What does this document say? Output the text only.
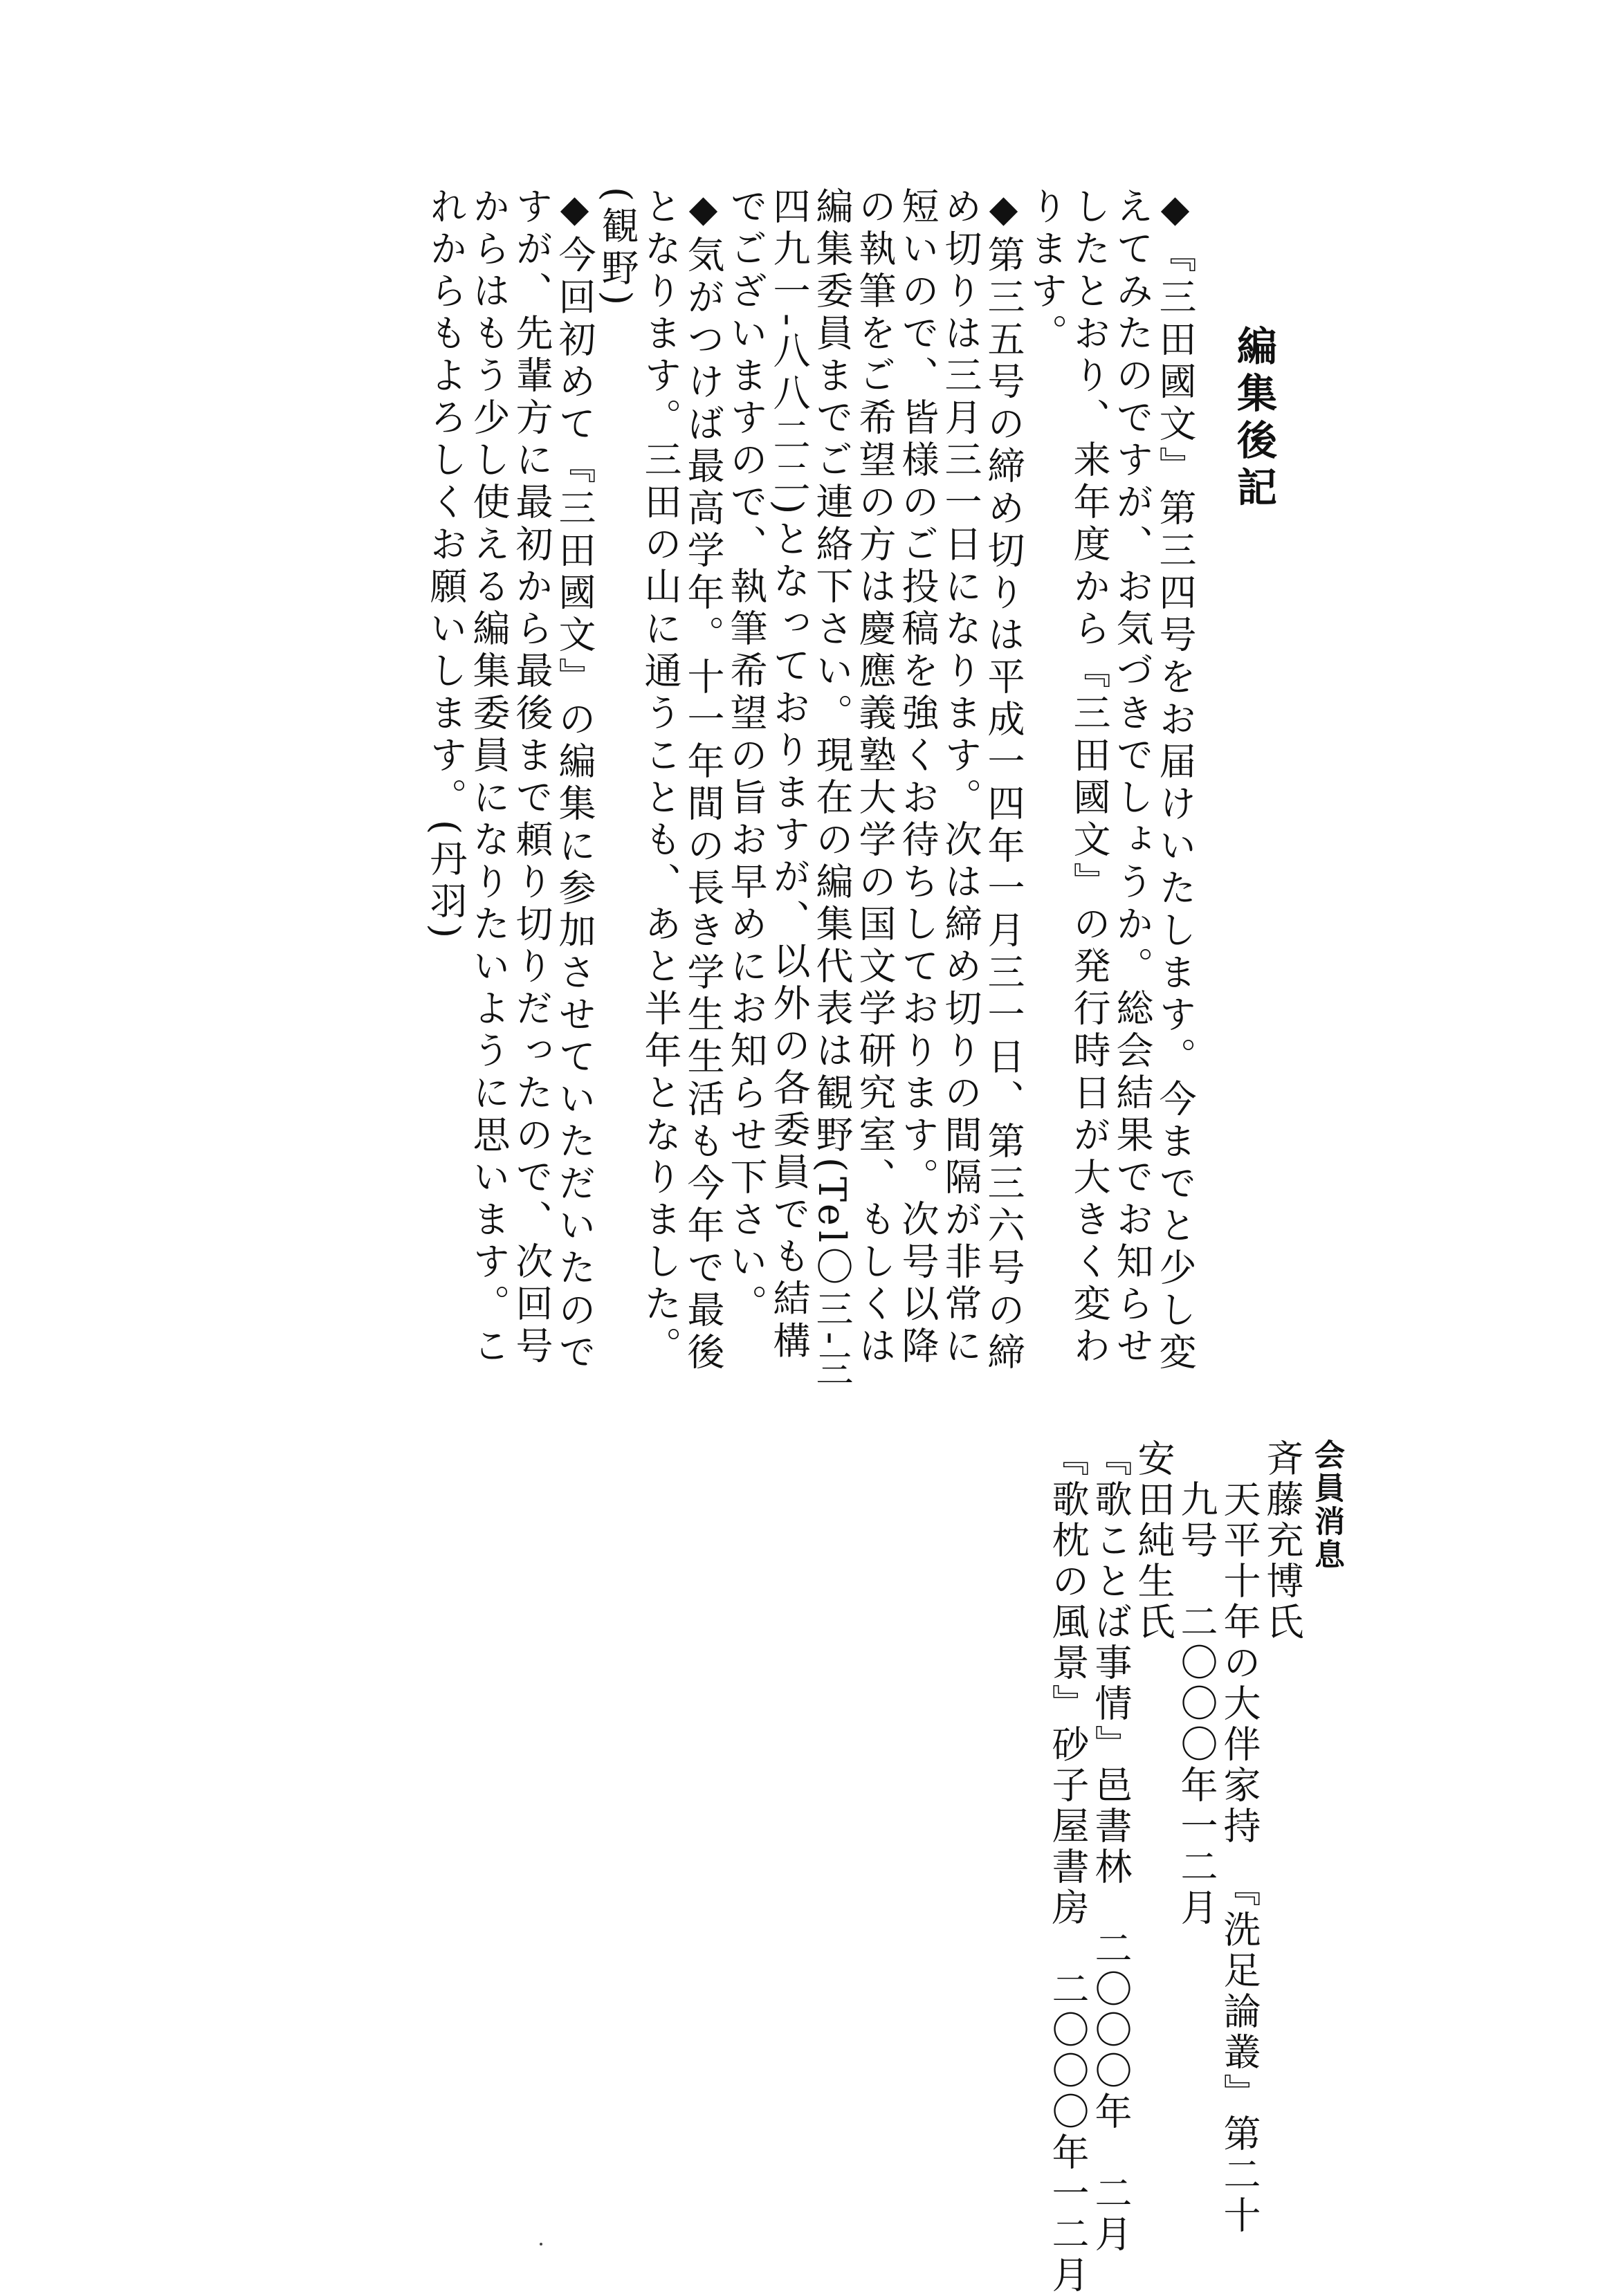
編集後記

◆『三田國文』第三四号をお届けいたします。今までと少し変

えてみたのですが、お気づきでしょうか。総会結果でお知らせ

したとおり、来年度から『三田國文』の発行時日が大きく変わ

ります。

◆第三五号の締め切りは平成一四年一月三一日、第三六号の締

め切りは三月三一日になります。次は締め切りの間隔が非常に

短いので、皆様のご投稿を強くお待ちしております。次号以降

の執筆をご希望の方は慶應義塾大学の国文学研究室、もしくは

編集委員までご連絡下さい。現在の編集代表は観野(Tel〇三-三

四九一-八八二二)となっておりますが、以外の各委員でも結構

でございますので、執筆希望の旨お早めにお知らせ下さい。

◆気がつけば最高学年。十一年間の長き学生生活も今年で最後

となります。三田の山に通うことも、あと半年となりました。

(観野)

◆今回初めて『三田國文』の編集に参加させていただいたので

すが、先輩方に最初から最後まで頼り切りだったので、次回号

からはもう少し使える編集委員になりたいように思います。こ

れからもよろしくお願いします。(丹羽)

会員消息

斉藤充博氏

　天平十年の大伴家持　『洗足論叢』第二十

　九号　二〇〇〇年一二月

安田純生氏

『歌ことば事情』邑書林　二〇〇〇年　二月

『歌枕の風景』砂子屋書房　二〇〇〇年一二月
